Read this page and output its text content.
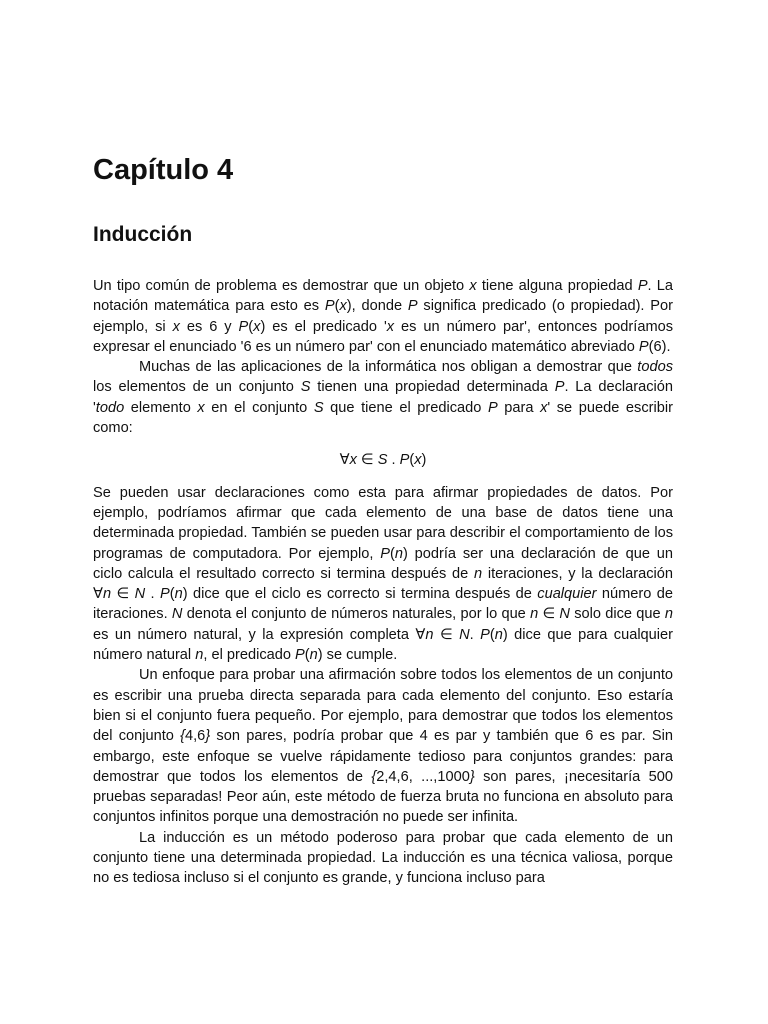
Capítulo 4
Inducción

Un tipo común de problema es demostrar que un objeto x tiene alguna propiedad P. La notación matemática para esto es P(x), donde P significa predicado (o propiedad). Por ejemplo, si x es 6 y P(x) es el predicado 'x es un número par', entonces podríamos expresar el enunciado '6 es un número par' con el enunciado matemático abreviado P(6).

Muchas de las aplicaciones de la informática nos obligan a demostrar que todos los elementos de un conjunto S tienen una propiedad determinada P. La declaración 'todo elemento x en el conjunto S que tiene el predicado P para x' se puede escribir como:

∀x ∈ S . P(x)

Se pueden usar declaraciones como esta para afirmar propiedades de datos. Por ejemplo, podríamos afirmar que cada elemento de una base de datos tiene una determinada propiedad. También se pueden usar para describir el comportamiento de los programas de computadora. Por ejemplo, P(n) podría ser una declaración de que un ciclo calcula el resultado correcto si termina después de n iteraciones, y la declaración ∀n ∈ N . P(n) dice que el ciclo es correcto si termina después de cualquier número de iteraciones. N denota el conjunto de números naturales, por lo que n ∈ N solo dice que n es un número natural, y la expresión completa ∀n ∈ N. P(n) dice que para cualquier número natural n, el predicado P(n) se cumple.

Un enfoque para probar una afirmación sobre todos los elementos de un conjunto es escribir una prueba directa separada para cada elemento del conjunto. Eso estaría bien si el conjunto fuera pequeño. Por ejemplo, para demostrar que todos los elementos del conjunto {4,6} son pares, podría probar que 4 es par y también que 6 es par. Sin embargo, este enfoque se vuelve rápidamente tedioso para conjuntos grandes: para demostrar que todos los elementos de {2,4,6, ...,1000} son pares, ¡necesitaría 500 pruebas separadas! Peor aún, este método de fuerza bruta no funciona en absoluto para conjuntos infinitos porque una demostración no puede ser infinita.

La inducción es un método poderoso para probar que cada elemento de un conjunto tiene una determinada propiedad. La inducción es una técnica valiosa, porque no es tediosa incluso si el conjunto es grande, y funciona incluso para
